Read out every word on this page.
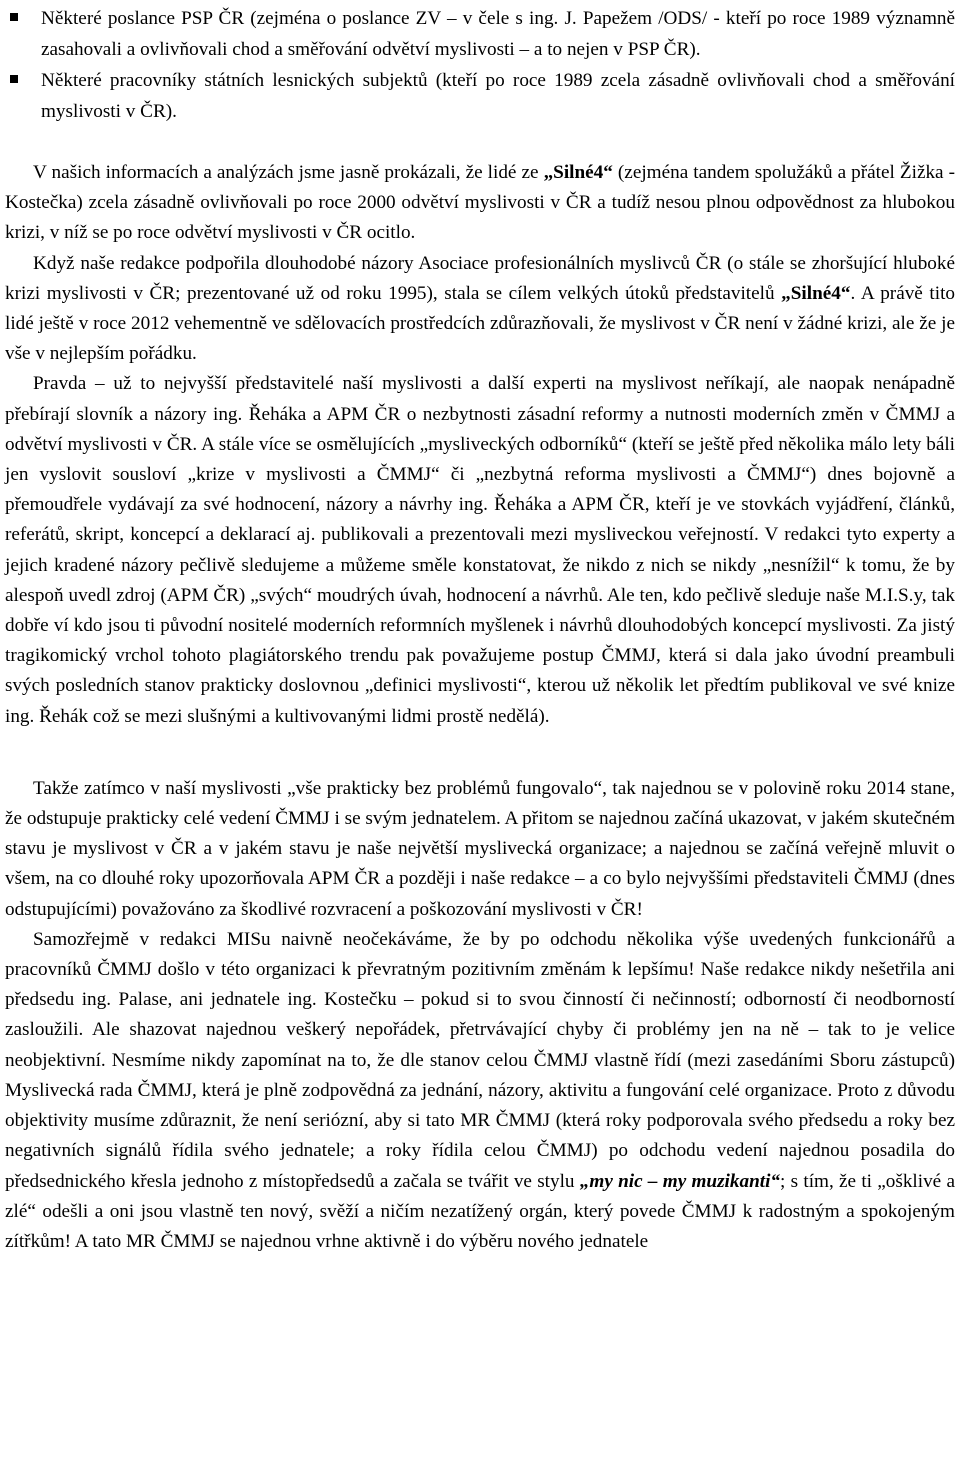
Některé poslance PSP ČR (zejména o poslance ZV – v čele s ing. J. Papežem /ODS/ - kteří po roce 1989 významně zasahovali a ovlivňovali chod a směřování odvětví myslivosti – a to nejen v PSP ČR).
Některé pracovníky státních lesnických subjektů (kteří po roce 1989 zcela zásadně ovlivňovali chod a směřování myslivosti v ČR).

V našich informacích a analýzách jsme jasně prokázali, že lidé ze „Silné4“ (zejména tandem spolužáků a přátel Žižka - Kostečka) zcela zásadně ovlivňovali po roce 2000 odvětví myslivosti v ČR a tudíž nesou plnou odpovědnost za hlubokou krizi, v níž se po roce odvětví myslivosti v ČR ocitlo.

Když naše redakce podpořila dlouhodobé názory Asociace profesionálních myslivců ČR (o stále se zhoršující hluboké krizi myslivosti v ČR; prezentované už od roku 1995), stala se cílem velkých útoků představitelů „Silné4“. A právě tito lidé ještě v roce 2012 vehementně ve sdělovacích prostředcích zdůrazňovali, že myslivost v ČR není v žádné krizi, ale že je vše v nejlepším pořádku.

Pravda – už to nejvyšší představitelé naší myslivosti a další experti na myslivost neříkají, ale naopak nenápadně přebírají slovník a názory ing. Řeháka a APM ČR o nezbytnosti zásadní reformy a nutnosti moderních změn v ČMMJ a odvětví myslivosti v ČR. A stále více se osmělujících „mysliveckých odborníků“ (kteří se ještě před několika málo lety báli jen vyslovit sousloví „krize v myslivosti a ČMMJ“ či „nezbytná reforma myslivosti a ČMMJ“) dnes bojovně a přemoudřele vydávají za své hodnocení, názory a návrhy ing. Řeháka a APM ČR, kteří je ve stovkách vyjádření, článků, referátů, skript, koncepcí a deklarací aj. publikovali a prezentovali mezi mysliveckou veřejností. V redakci tyto experty a jejich kradené názory pečlivě sledujeme a můžeme směle konstatovat, že nikdo z nich se nikdy „nesnížil“ k tomu, že by alespoň uvedl zdroj (APM ČR) „svých“ moudrých úvah, hodnocení a návrhů. Ale ten, kdo pečlivě sleduje naše M.I.S.y, tak dobře ví kdo jsou ti původní nositelé moderních reformních myšlenek i návrhů dlouhodobých koncepcí myslivosti. Za jistý tragikomický vrchol tohoto plagiátorského trendu pak považujeme postup ČMMJ, která si dala jako úvodní preambuli svých posledních stanov prakticky doslovnou „definici myslivosti“, kterou už několik let předtím publikoval ve své knize ing. Řehák což se mezi slušnými a kultivovanými lidmi prostě nedělá).

Takže zatímco v naší myslivosti „vše prakticky bez problémů fungovalo“, tak najednou se v polovině roku 2014 stane, že odstupuje prakticky celé vedení ČMMJ i se svým jednatelem. A přitom se najednou začíná ukazovat, v jakém skutečném stavu je myslivost v ČR a v jakém stavu je naše největší myslivecká organizace; a najednou se začíná veřejně mluvit o všem, na co dlouhé roky upozorňovala APM ČR a později i naše redakce – a co bylo nejvyššími představiteli ČMMJ (dnes odstupujícími) považováno za škodlivé rozvracení a poškozování myslivosti v ČR!

Samozřejmě v redakci MISu naivně neočekáváme, že by po odchodu několika výše uvedených funkcionářů a pracovníků ČMMJ došlo v této organizaci k převratným pozitivním změnám k lepšímu! Naše redakce nikdy nešetřila ani předsedu ing. Palase, ani jednatele ing. Kostečku – pokud si to svou činností či nečinností; odborností či neodborností zasloužili. Ale shazovat najednou veškerý nepořádek, přetrvávající chyby či problémy jen na ně – tak to je velice neobjektivní. Nesmíme nikdy zapomínat na to, že dle stanov celou ČMMJ vlastně řídí (mezi zasedáními Sboru zástupců) Myslivecká rada ČMMJ, která je plně zodpovědná za jednání, názory, aktivitu a fungování celé organizace. Proto z důvodu objektivity musíme zdůraznit, že není seriózní, aby si tato MR ČMMJ (která roky podporovala svého předsedu a roky bez negativních signálů řídila svého jednatele; a roky řídila celou ČMMJ) po odchodu vedení najednou posadila do předsednického křesla jednoho z místopředsedů a začala se tvářit ve stylu „my nic – my muzikanti“; s tím, že ti „ošklivé a zlé“ odešli a oni jsou vlastně ten nový, svěží a ničím nezatížený orgán, který povede ČMMJ k radostným a spokojeným zítřkům! A tato MR ČMMJ se najednou vrhne aktivně i do výběru nového jednatele
